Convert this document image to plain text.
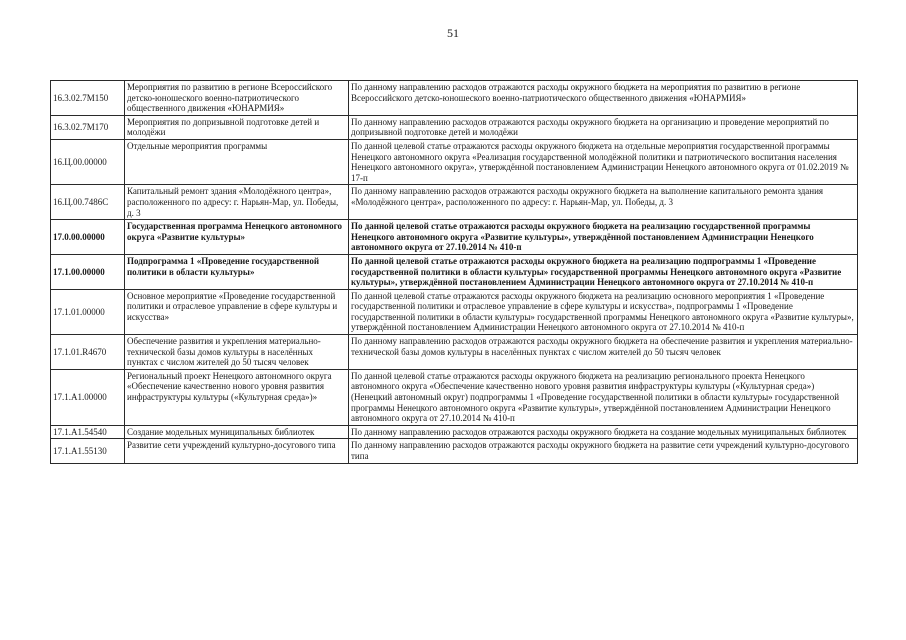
51
16.3.02.7M150	Мероприятия по развитию в регионе Всероссийского детско-юношеского военно-патриотического общественного движения «ЮНАРМИЯ»	По данному направлению расходов отражаются расходы окружного бюджета на мероприятия по развитию в регионе Всероссийского детско-юношеского военно-патриотического общественного движения «ЮНАРМИЯ»
16.3.02.7M170	Мероприятия по допризывной подготовке детей и молодёжи	По данному направлению расходов отражаются расходы окружного бюджета на организацию и проведение мероприятий по допризывной подготовке детей и молодёжи
16.Ц.00.00000	Отдельные мероприятия программы	По данной целевой статье отражаются расходы окружного бюджета на отдельные мероприятия государственной программы Ненецкого автономного округа «Реализация государственной молодёжной политики и патриотического воспитания населения Ненецкого автономного округа», утверждённой постановлением Администрации Ненецкого автономного округа от 01.02.2019 № 17-п
16.Ц.00.7486С	Капитальный ремонт здания «Молодёжного центра», расположенного по адресу: г. Нарьян-Мар, ул. Победы, д. 3	По данному направлению расходов отражаются расходы окружного бюджета на выполнение капитального ремонта здания «Молодёжного центра», расположенного по адресу: г. Нарьян-Мар, ул. Победы, д. 3
17.0.00.00000	Государственная программа Ненецкого автономного округа «Развитие культуры»	По данной целевой статье отражаются расходы окружного бюджета на реализацию государственной программы Ненецкого автономного округа «Развитие культуры», утверждённой постановлением Администрации Ненецкого автономного округа от 27.10.2014 № 410-п
17.1.00.00000	Подпрограмма 1 «Проведение государственной политики в области культуры»	По данной целевой статье отражаются расходы окружного бюджета на реализацию подпрограммы 1 «Проведение государственной политики в области культуры» государственной программы Ненецкого автономного округа «Развитие культуры», утверждённой постановлением Администрации Ненецкого автономного округа от 27.10.2014 № 410-п
17.1.01.00000	Основное мероприятие «Проведение государственной политики и отраслевое управление в сфере культуры и искусства»	По данной целевой статье отражаются расходы окружного бюджета на реализацию основного мероприятия 1 «Проведение государственной политики и отраслевое управление в сфере культуры и искусства», подпрограммы 1 «Проведение государственной политики в области культуры» государственной программы Ненецкого автономного округа «Развитие культуры», утверждённой постановлением Администрации Ненецкого автономного округа от 27.10.2014 № 410-п
17.1.01.R4670	Обеспечение развития и укрепления материально-технической базы домов культуры в населённых пунктах с числом жителей до 50 тысяч человек	По данному направлению расходов отражаются расходы окружного бюджета на обеспечение развития и укрепления материально-технической базы домов культуры в населённых пунктах с числом жителей до 50 тысяч человек
17.1.A1.00000	Региональный проект Ненецкого автономного округа «Обеспечение качественно нового уровня развития инфраструктуры культуры («Культурная среда»)»	По данной целевой статье отражаются расходы окружного бюджета на реализацию регионального проекта Ненецкого автономного округа «Обеспечение качественно нового уровня развития инфраструктуры культуры («Культурная среда») (Ненецкий автономный округ) подпрограммы 1 «Проведение государственной политики в области культуры» государственной программы Ненецкого автономного округа «Развитие культуры», утверждённой постановлением Администрации Ненецкого автономного округа от 27.10.2014 № 410-п
17.1.A1.54540	Создание модельных муниципальных библиотек	По данному направлению расходов отражаются расходы окружного бюджета на создание модельных муниципальных библиотек
17.1.A1.55130	Развитие сети учреждений культурно-досугового типа	По данному направлению расходов отражаются расходы окружного бюджета на развитие сети учреждений культурно-досугового типа
